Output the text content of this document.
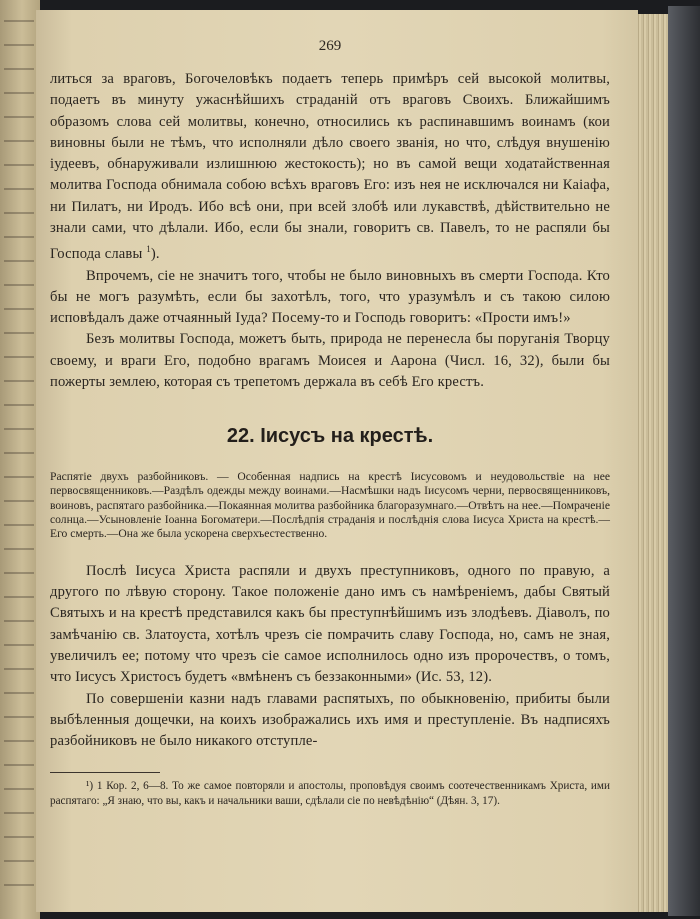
269

литься за враговъ, Богочеловѣкъ подаетъ теперь примѣръ сей высокой молитвы, подаетъ въ минуту ужаснѣйшихъ страданій отъ враговъ Своихъ. Ближайшимъ образомъ слова сей молитвы, конечно, относились къ распинавшимъ воинамъ (кои виновны были не тѣмъ, что исполняли дѣло своего званія, но что, слѣдуя внушенію іудеевъ, обнаруживали излишнюю жестокость); но въ самой вещи ходатайственная молитва Господа обнимала собою всѣхъ враговъ Его: изъ нея не исключался ни Каіафа, ни Пилатъ, ни Иродъ. Ибо всѣ они, при всей злобѣ или лукавствѣ, дѣйствительно не знали сами, что дѣлали. Ибо, если бы знали, говоритъ св. Павелъ, то не распяли бы Господа славы $^1$).

Впрочемъ, сіе не значитъ того, чтобы не было виновныхъ въ смерти Господа. Кто бы не могъ разумѣть, если бы захотѣлъ, того, что уразумѣлъ и съ такою силою исповѣдалъ даже отчаянный Іуда? Посему-то и Господь говоритъ: «Прости имъ!»

Безъ молитвы Господа, можетъ быть, природа не перенесла бы поруганія Творцу своему, и враги Его, подобно врагамъ Моисея и Аарона (Числ. 16, 32), были бы пожерты землею, которая съ трепетомъ держала въ себѣ Его крестъ.

22. Іисусъ на крестѣ.

Распятіе двухъ разбойниковъ. — Особенная надпись на крестѣ Іисусовомъ и неудовольствіе на нее первосвященниковъ.—Раздѣлъ одежды между воинами.—Насмѣшки надъ Іисусомъ черни, первосвященниковъ, воиновъ, распятаго разбойника.—Покаянная молитва разбойника благоразумнаго.—Отвѣтъ на нее.—Помраченіе солнца.—Усыновленіе Іоанна Богоматери.—Послѣдпія страданія и послѣднія слова Іисуса Христа на крестѣ.—Его смерть.—Она же была ускорена сверхъестественно.

Послѣ Іисуса Христа распяли и двухъ преступниковъ, одного по правую, а другого по лѣвую сторону. Такое положеніе дано имъ съ намѣреніемъ, дабы Святый Святыхъ и на крестѣ представился какъ бы преступнѣйшимъ изъ злодѣевъ. Діаволъ, по замѣчанію св. Златоуста, хотѣлъ чрезъ сіе помрачить славу Господа, но, самъ не зная, увеличилъ ее; потому что чрезъ сіе самое исполнилось одно изъ пророчествъ, о томъ, что Іисусъ Христосъ будетъ «вмѣненъ съ беззаконными» (Ис. 53, 12).

По совершеніи казни надъ главами распятыхъ, по обыкновенію, прибиты были выбѣленныя дощечки, на коихъ изображались ихъ имя и преступленіе. Въ надписяхъ разбойниковъ не было никакого отступле-

¹) 1 Кор. 2, 6—8. То же самое повторяли и апостолы, проповѣдуя своимъ соотечественникамъ Христа, ими распятаго: „Я знаю, что вы, какъ и начальники ваши, сдѣлали сіе по невѣдѣнію“ (Дѣян. 3, 17).
